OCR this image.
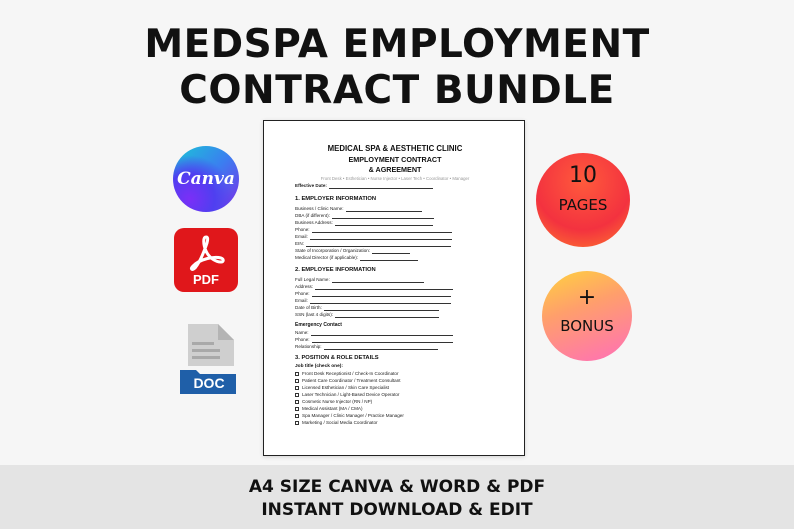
MEDSPA EMPLOYMENT
CONTRACT BUNDLE
Canva
PDF
DOC
MEDICAL SPA & AESTHETIC CLINIC
EMPLOYMENT CONTRACT
& AGREEMENT
Front Desk • Esthetician • Nurse Injector • Laser Tech • Coordinator • Manager
Effective Date:
1. EMPLOYER INFORMATION
Business / Clinic Name:
DBA (if different):
Business Address:
Phone:
Email:
EIN:
State of Incorporation / Organization:
Medical Director (if applicable):
2. EMPLOYEE INFORMATION
Full Legal Name:
Address:
Phone:
Email:
Date of Birth:
SSN (last 4 digits):
Emergency Contact
Name:
Phone:
Relationship:
3. POSITION & ROLE DETAILS
Job title (check one):
Front Desk Receptionist / Check-In Coordinator
Patient Care Coordinator / Treatment Consultant
Licensed Esthetician / Skin Care Specialist
Laser Technician / Light-Based Device Operator
Cosmetic Nurse Injector (RN / NP)
Medical Assistant (MA / CMA)
Spa Manager / Clinic Manager / Practice Manager
Marketing / Social Media Coordinator
10
PAGES
+
BONUS
A4 SIZE CANVA & WORD & PDF
INSTANT DOWNLOAD & EDIT
